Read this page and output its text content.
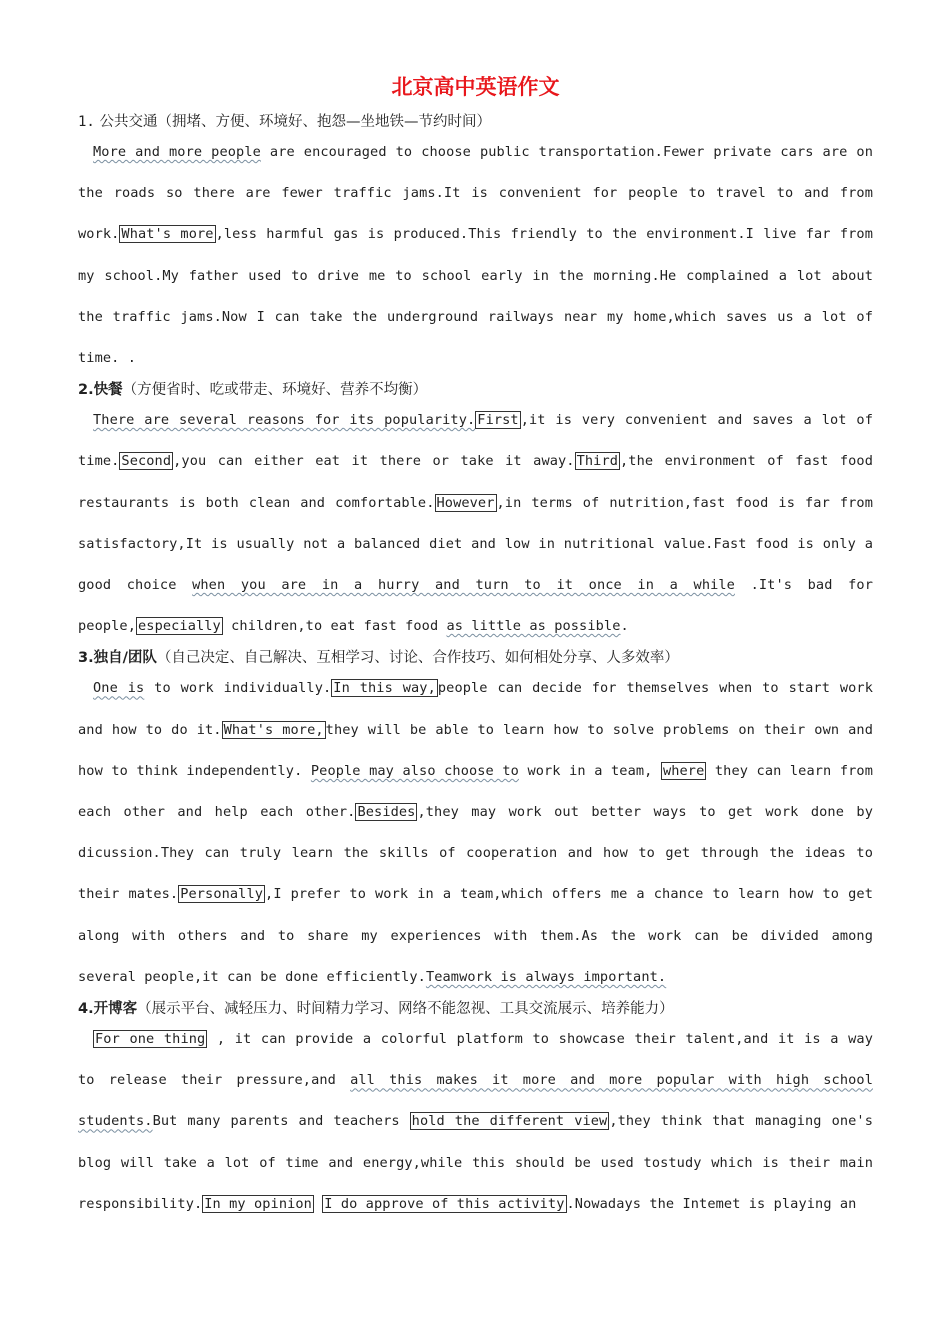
北京高中英语作文
1. 公共交通（拥堵、方便、环境好、抱怨—坐地铁—节约时间）
More and more people are encouraged to choose public transportation.Fewer private cars are on the roads so there are fewer traffic jams.It is convenient for people to travel to and from work. What's more ,less harmful gas is produced.This friendly to the environment.I live far from my school.My father used to drive me to school early in the morning.He complained a lot about the traffic jams.Now I can take the underground railways near my home,which saves us a lot of time. .
2.快餐（方便省时、吃或带走、环境好、营养不均衡）
There are several reasons for its popularity. First ,it is very convenient and saves a lot of time. Second ,you can either eat it there or take it away. Third ,the environment of fast food restaurants is both clean and comfortable. However ,in terms of nutrition,fast food is far from satisfactory,It is usually not a balanced diet and low in nutritional value.Fast food is only a good choice when you are in a hurry and turn to it once in a while .It's bad for people, especially children,to eat fast food as little as possible.
3.独自/团队（自己决定、自己解决、互相学习、讨论、合作技巧、如何相处分享、人多效率）
One is to work individually. In this way, people can decide for themselves when to start work and how to do it. What's more, they will be able to learn how to solve problems on their own and how to think independently. People may also choose to work in a team, where they can learn from each other and help each other. Besides ,they may work out better ways to get work done by dicussion.They can truly learn the skills of cooperation and how to get through the ideas to their mates. Personally ,I prefer to work in a team,which offers me a chance to learn how to get along with others and to share my experiences with them.As the work can be divided among several people,it can be done efficiently.Teamwork is always important.
4.开博客（展示平台、减轻压力、时间精力学习、网络不能忽视、工具交流展示、培养能力）
For one thing , it can provide a colorful platform to showcase their talent,and it is a way to release their pressure,and all this makes it more and more popular with high school students.But many parents and teachers hold the different view ,they think that managing one's blog will take a lot of time and energy,while this should be used tostudy which is their main responsibility. In my opinion I do approve of this activity .Nowadays the Intemet is playing an
